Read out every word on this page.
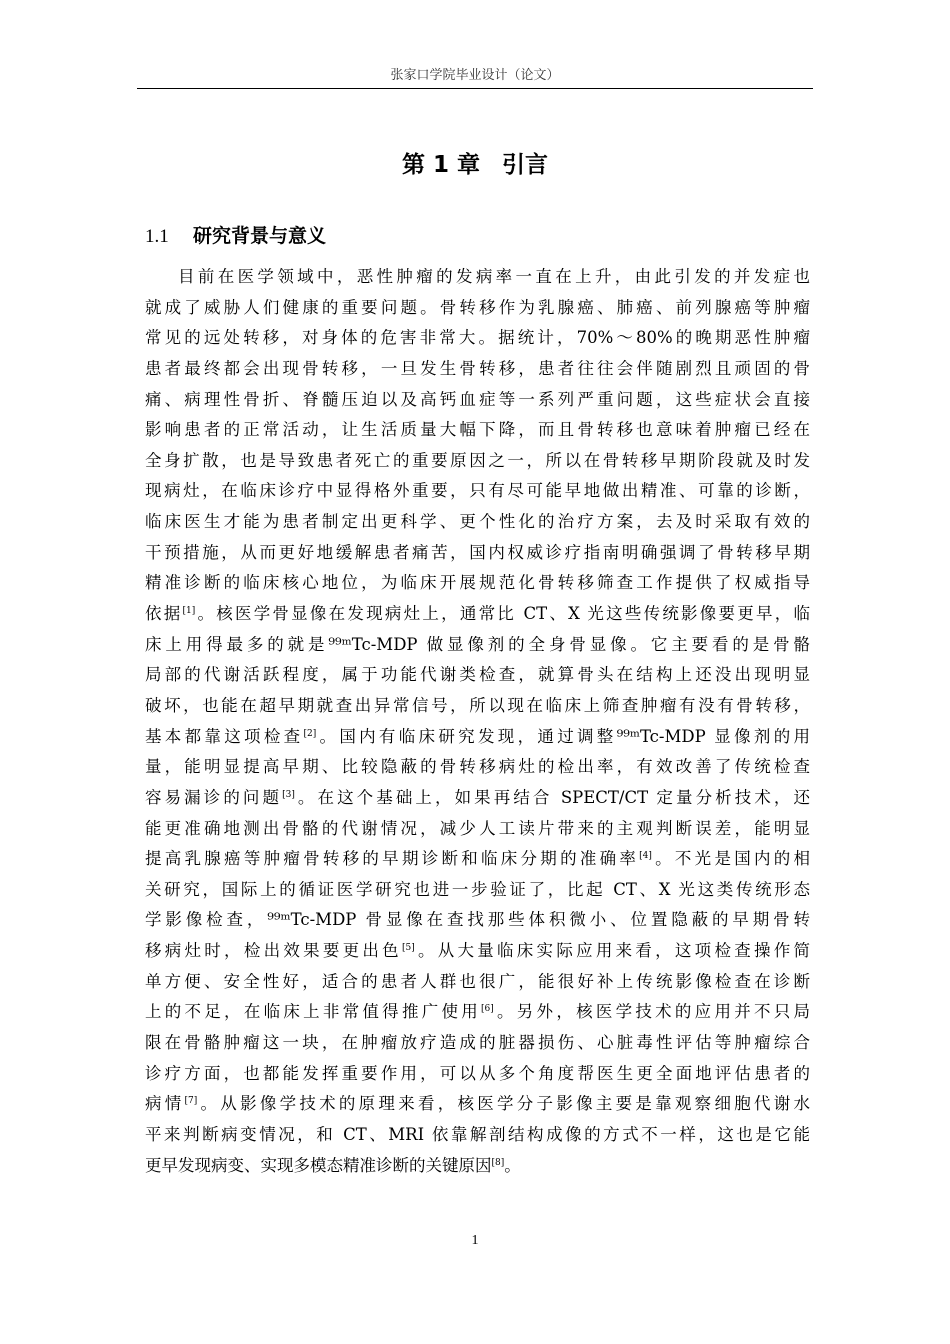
张家口学院毕业设计（论文）
第 1 章 引言
1.1 研究背景与意义
目前在医学领域中，恶性肿瘤的发病率一直在上升，由此引发的并发症也
就成了威胁人们健康的重要问题。骨转移作为乳腺癌、肺癌、前列腺癌等肿瘤
常见的远处转移，对身体的危害非常大。据统计，70%～80%的晚期恶性肿瘤
患者最终都会出现骨转移，一旦发生骨转移，患者往往会伴随剧烈且顽固的骨
痛、病理性骨折、脊髓压迫以及高钙血症等一系列严重问题，这些症状会直接
影响患者的正常活动，让生活质量大幅下降，而且骨转移也意味着肿瘤已经在
全身扩散，也是导致患者死亡的重要原因之一，所以在骨转移早期阶段就及时发
现病灶，在临床诊疗中显得格外重要，只有尽可能早地做出精准、可靠的诊断，
临床医生才能为患者制定出更科学、更个性化的治疗方案，去及时采取有效的
干预措施，从而更好地缓解患者痛苦，国内权威诊疗指南明确强调了骨转移早期
精准诊断的临床核心地位，为临床开展规范化骨转移筛查工作提供了权威指导
依据[1]。核医学骨显像在发现病灶上，通常比 CT、X 光这些传统影像要更早，临
床上用得最多的就是⁹⁹ᵐTc-MDP 做显像剂的全身骨显像。它主要看的是骨骼
局部的代谢活跃程度，属于功能代谢类检查，就算骨头在结构上还没出现明显
破坏，也能在超早期就查出异常信号，所以现在临床上筛查肿瘤有没有骨转移，
基本都靠这项检查[2]。国内有临床研究发现，通过调整⁹⁹ᵐTc-MDP 显像剂的用
量，能明显提高早期、比较隐蔽的骨转移病灶的检出率，有效改善了传统检查
容易漏诊的问题[3]。在这个基础上，如果再结合 SPECT/CT 定量分析技术，还
能更准确地测出骨骼的代谢情况，减少人工读片带来的主观判断误差，能明显
提高乳腺癌等肿瘤骨转移的早期诊断和临床分期的准确率[4]。不光是国内的相
关研究，国际上的循证医学研究也进一步验证了，比起 CT、X 光这类传统形态
学影像检查，⁹⁹ᵐTc-MDP 骨显像在查找那些体积微小、位置隐蔽的早期骨转
移病灶时，检出效果要更出色[5]。从大量临床实际应用来看，这项检查操作简
单方便、安全性好，适合的患者人群也很广，能很好补上传统影像检查在诊断
上的不足，在临床上非常值得推广使用[6]。另外，核医学技术的应用并不只局
限在骨骼肿瘤这一块，在肿瘤放疗造成的脏器损伤、心脏毒性评估等肿瘤综合
诊疗方面，也都能发挥重要作用，可以从多个角度帮医生更全面地评估患者的
病情[7]。从影像学技术的原理来看，核医学分子影像主要是靠观察细胞代谢水
平来判断病变情况，和 CT、MRI 依靠解剖结构成像的方式不一样，这也是它能
更早发现病变、实现多模态精准诊断的关键原因[8]。
1
